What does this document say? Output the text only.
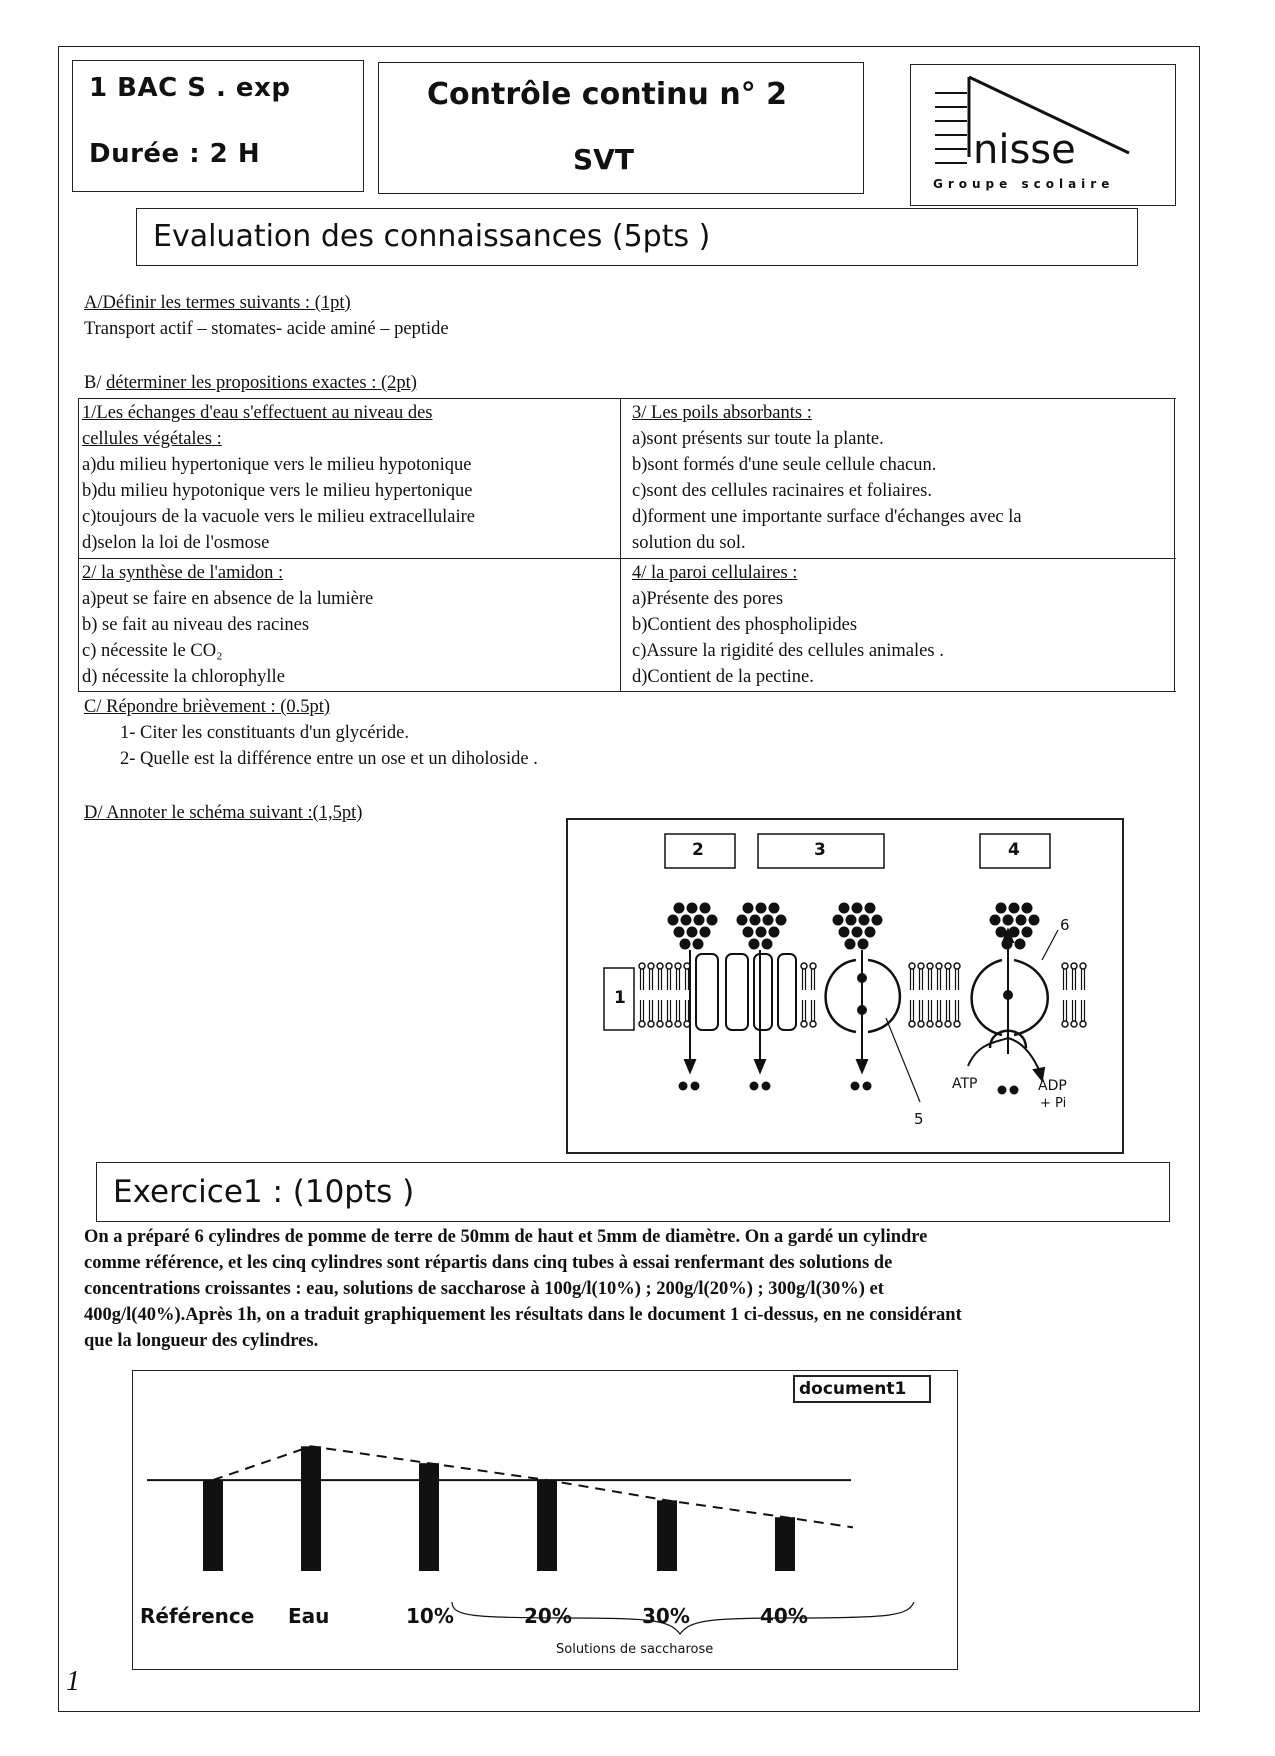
1 BAC S . exp
Durée : 2 H
Contrôle continu n° 2
SVT	nisse
Groupe scolaire
Evaluation des connaissances (5pts )
A/Définir les termes suivants : (1pt)
Transport actif – stomates- acide aminé – peptide
B/ déterminer les propositions exactes : (2pt)
1/Les échanges d'eau s'effectuent au niveau des
cellules végétales :
a)du milieu hypertonique vers le milieu hypotonique
b)du milieu hypotonique vers le milieu hypertonique
c)toujours de la vacuole vers le milieu extracellulaire
d)selon la loi de l'osmose
2/ la synthèse de l'amidon :
a)peut se faire en absence de la lumière
b) se fait au niveau des racines
c) nécessite le CO₂
d) nécessite la chlorophylle
3/ Les poils absorbants :
a)sont présents sur toute la plante.
b)sont formés d'une seule cellule chacun.
c)sont des cellules racinaires et foliaires.
d)forment une importante surface d'échanges avec la
solution du sol.
4/ la paroi cellulaires :
a)Présente des pores
b)Contient des phospholipides
c)Assure la rigidité des cellules animales .
d)Contient de la pectine.
C/ Répondre brièvement : (0.5pt)
1- Citer les constituants d'un glycéride.
2- Quelle est la différence entre un ose et un diholoside .
D/ Annoter le schéma suivant :(1,5pt)
2	3	4
1
5
6
ATP	ADP
+ Pi
Exercice1 : (10pts )
On a préparé 6 cylindres de pomme de terre de 50mm de haut et 5mm de diamètre. On a gardé un cylindre
comme référence, et les cinq cylindres sont répartis dans cinq tubes à essai renfermant des solutions de
concentrations croissantes : eau, solutions de saccharose à 100g/l(10%) ; 200g/l(20%) ; 300g/l(30%) et
400g/l(40%).Après 1h, on a traduit graphiquement les résultats dans le document 1 ci-dessus, en ne considérant
que la longueur des cylindres.
document1
Référence Eau	10%	20%	30%	40%
Solutions de saccharose
1
